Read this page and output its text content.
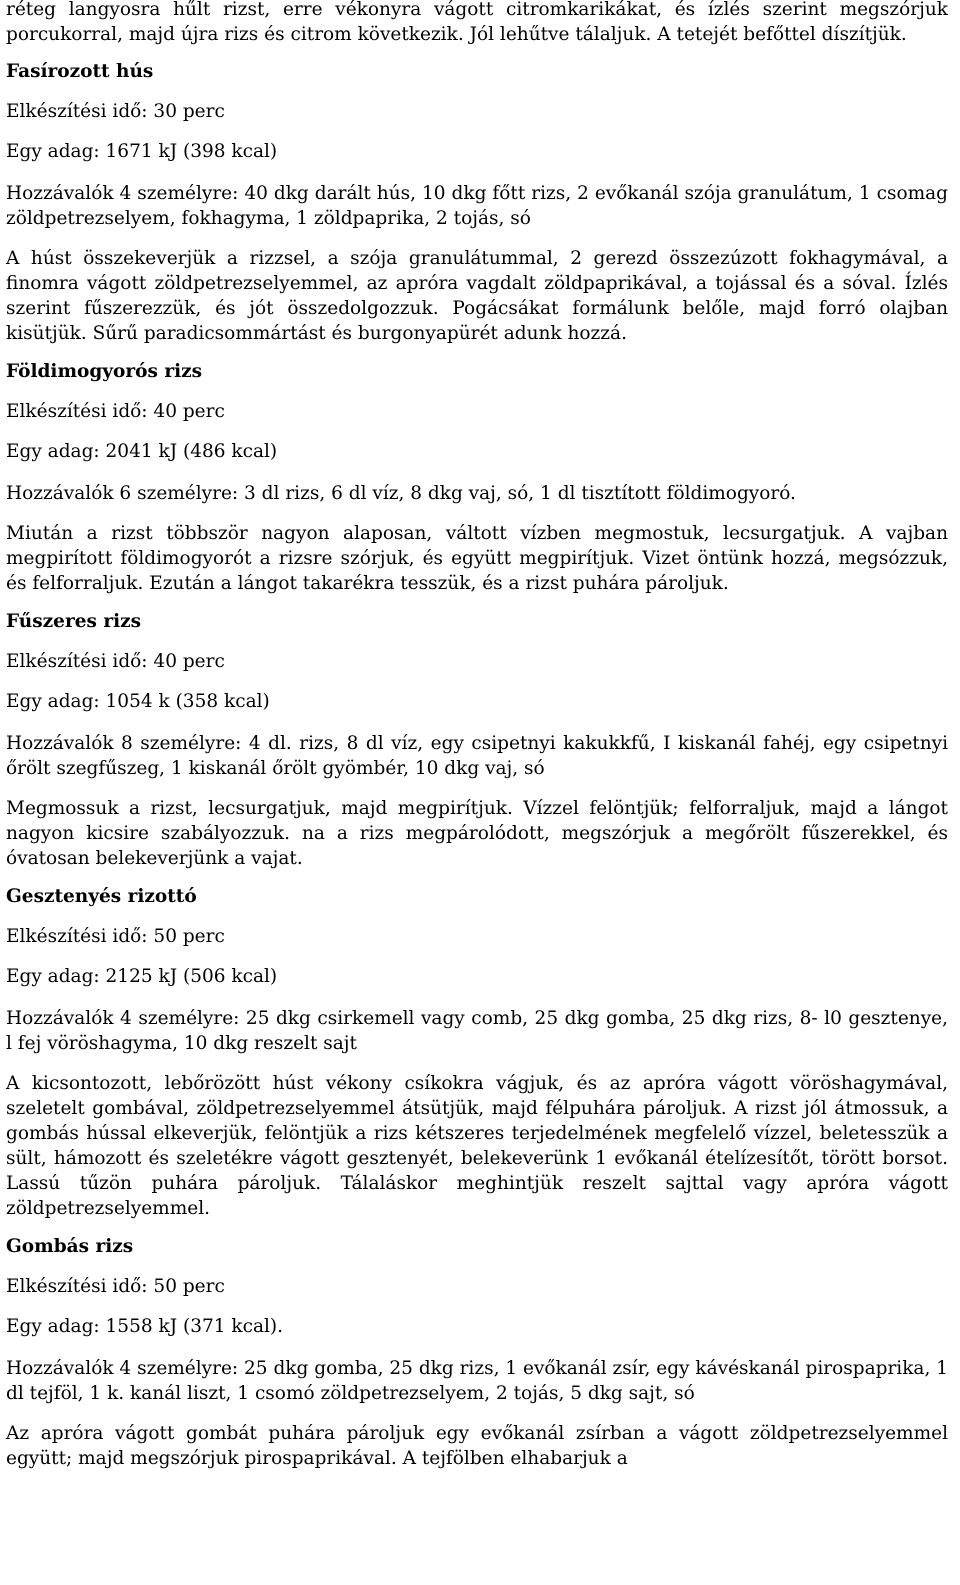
réteg langyosra hűlt rizst, erre vékonyra vágott citromkarikákat, és ízlés szerint megszórjuk porcukorral, majd újra rizs és citrom következik. Jól lehűtve tálaljuk. A tetejét befőttel díszítjük.

Fasírozott hús

Elkészítési idő: 30 perc

Egy adag: 1671 kJ (398 kcal)

Hozzávalók 4 személyre: 40 dkg darált hús, 10 dkg főtt rizs, 2 evőkanál szója granulátum, 1 csomag zöldpetrezselyem, fokhagyma, 1 zöldpaprika, 2 tojás, só

A húst összekeverjük a rizzsel, a szója granulátummal, 2 gerezd összezúzott fokhagymával, a finomra vágott zöldpetrezselyemmel, az apróra vagdalt zöldpaprikával, a tojással és a sóval. Ízlés szerint fűszerezzük, és jót összedolgozzuk. Pogácsákat formálunk belőle, majd forró olajban kisütjük. Sűrű paradicsommártást és burgonyapürét adunk hozzá.

Földimogyorós rizs

Elkészítési idő: 40 perc

Egy adag: 2041 kJ (486 kcal)

Hozzávalók 6 személyre: 3 dl rizs, 6 dl víz, 8 dkg vaj, só, 1 dl tisztított földimogyoró.

Miután a rizst többször nagyon alaposan, váltott vízben megmostuk, lecsurgatjuk. A vajban megpirított földimogyorót a rizsre szórjuk, és együtt megpirítjuk. Vizet öntünk hozzá, megsózzuk, és felforraljuk. Ezután a lángot takarékra tesszük, és a rizst puhára pároljuk.

Fűszeres rizs

Elkészítési idő: 40 perc

Egy adag: 1054 k (358 kcal)

Hozzávalók 8 személyre: 4 dl. rizs, 8 dl víz, egy csipetnyi kakukkfű, I kiskanál fahéj, egy csipetnyi őrölt szegfűszeg, 1 kiskanál őrölt gyömbér, 10 dkg vaj, só

Megmossuk a rizst, lecsurgatjuk, majd megpirítjuk. Vízzel felöntjük; felforraljuk, majd a lángot nagyon kicsire szabályozzuk. na a rizs megpárolódott, megszórjuk a megőrölt fűszerekkel, és óvatosan belekeverjünk a vajat.

Gesztenyés rizottó

Elkészítési idő: 50 perc

Egy adag: 2125 kJ (506 kcal)

Hozzávalók 4 személyre: 25 dkg csirkemell vagy comb, 25 dkg gomba, 25 dkg rizs, 8- l0 gesztenye, l fej vöröshagyma, 10 dkg reszelt sajt

A kicsontozott, lebőrözött húst vékony csíkokra vágjuk, és az apróra vágott vöröshagymával, szeletelt gombával, zöldpetrezselyemmel átsütjük, majd félpuhára pároljuk. A rizst jól átmossuk, a gombás hússal elkeverjük, felöntjük a rizs kétszeres terjedelmének megfelelő vízzel, beletesszük a sült, hámozott és szeletékre vágott gesztenyét, belekeverünk 1 evőkanál ételízesítőt, törött borsot. Lassú tűzön puhára pároljuk. Tálaláskor meghintjük reszelt sajttal vagy apróra vágott zöldpetrezselyemmel.

Gombás rizs

Elkészítési idő: 50 perc

Egy adag: 1558 kJ (371 kcal).

Hozzávalók 4 személyre: 25 dkg gomba, 25 dkg rizs, 1 evőkanál zsír, egy kávéskanál pirospaprika, 1 dl tejföl, 1 k. kanál liszt, 1 csomó zöldpetrezselyem, 2 tojás, 5 dkg sajt, só

Az apróra vágott gombát puhára pároljuk egy evőkanál zsírban a vágott zöldpetrezselyemmel együtt; majd megszórjuk pirospaprikával. A tejfölben elhabarjuk a
